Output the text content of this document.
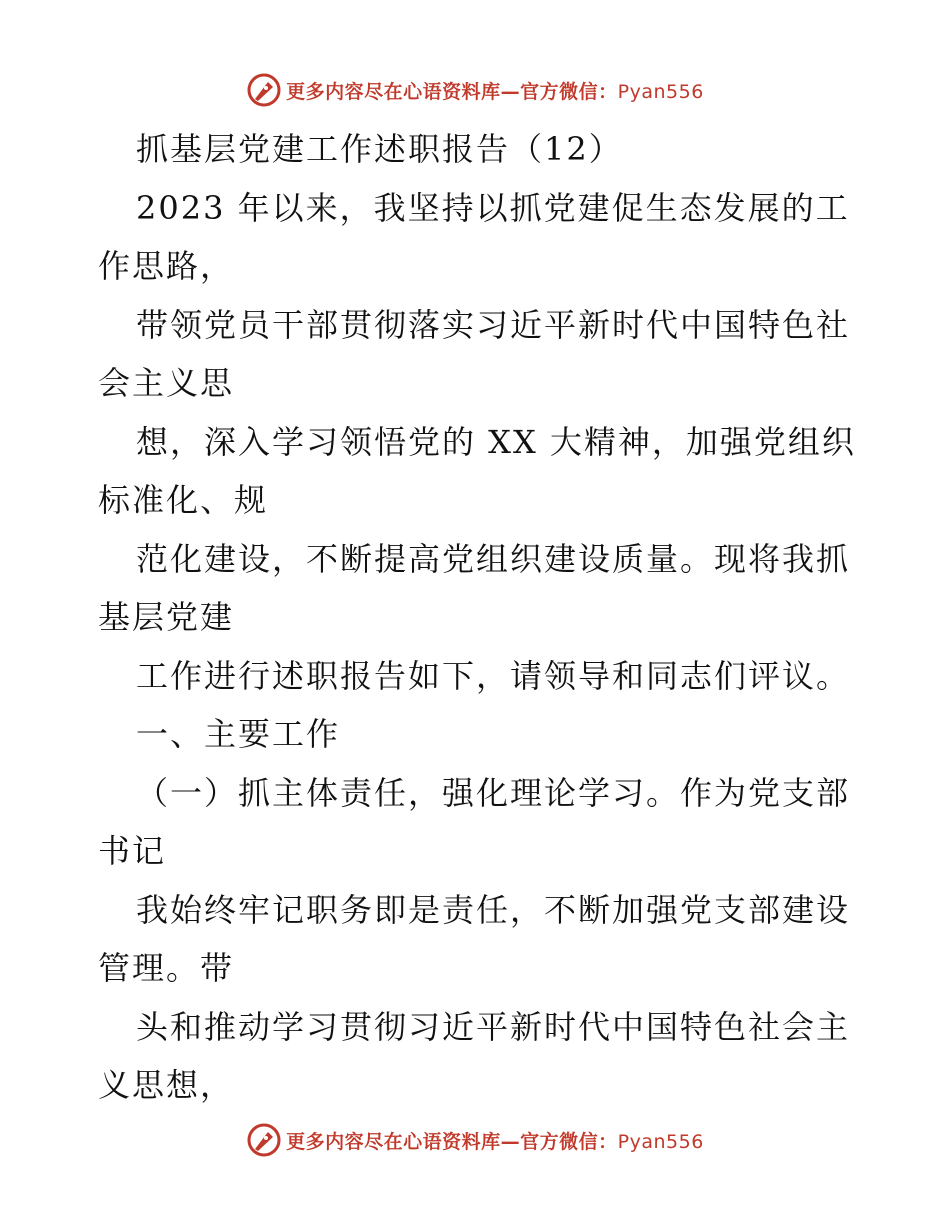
更多内容尽在心语资料库—官方微信：Pyan556
抓基层党建工作述职报告（12）
2023 年以来，我坚持以抓党建促生态发展的工
作思路，
带领党员干部贯彻落实习近平新时代中国特色社
会主义思
想，深入学习领悟党的 XX 大精神，加强党组织
标准化、规
范化建设，不断提高党组织建设质量。现将我抓
基层党建
工作进行述职报告如下，请领导和同志们评议。
一、主要工作
（一）抓主体责任，强化理论学习。作为党支部
书记
我始终牢记职务即是责任，不断加强党支部建设
管理。带
头和推动学习贯彻习近平新时代中国特色社会主
义思想，
更多内容尽在心语资料库—官方微信：Pyan556
